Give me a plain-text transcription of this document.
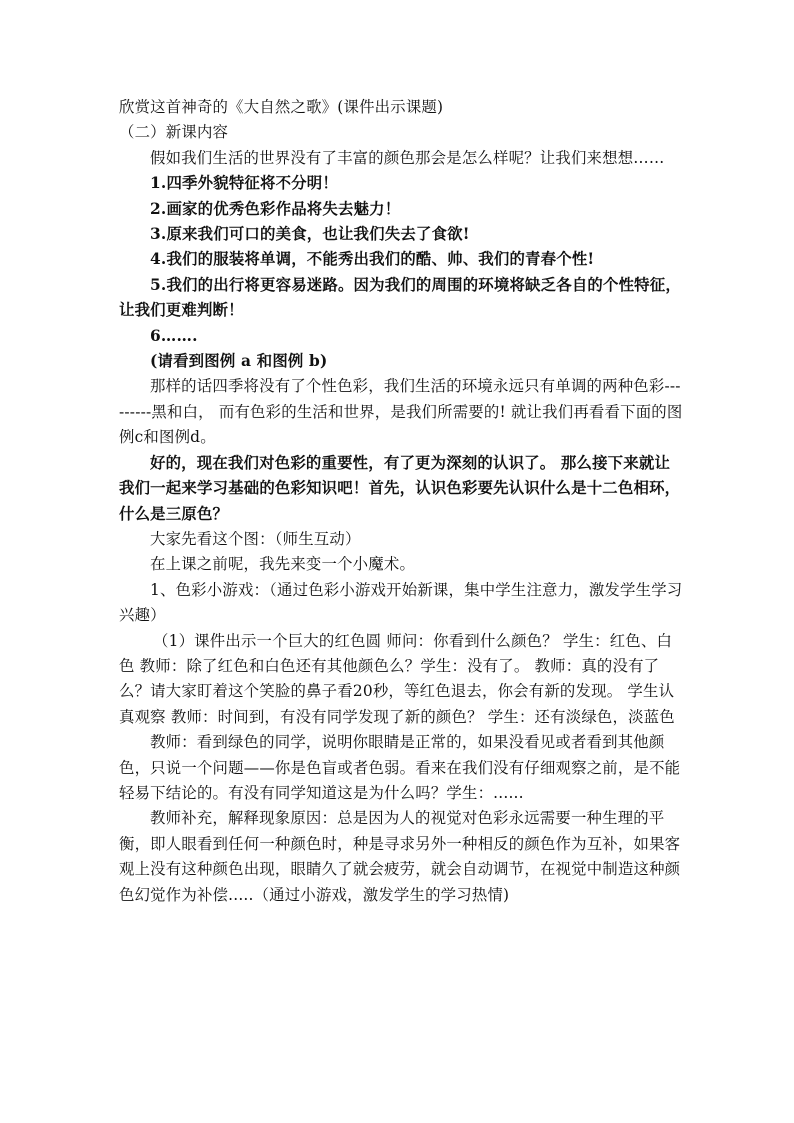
欣赏这首神奇的《大自然之歌》(课件出示课题)

（二）新课内容

假如我们生活的世界没有了丰富的颜色那会是怎么样呢？让我们来想想……

1.四季外貌特征将不分明！

2.画家的优秀色彩作品将失去魅力！

3.原来我们可口的美食，也让我们失去了食欲!

4.我们的服装将单调，不能秀出我们的酷、帅、我们的青春个性!

5.我们的出行将更容易迷路。因为我们的周围的环境将缺乏各自的个性特征，让我们更难判断！

6…….

(请看到图例 a 和图例 b)

那样的话四季将没有了个性色彩，我们生活的环境永远只有单调的两种色彩---------黑和白， 而有色彩的生活和世界，是我们所需要的! 就让我们再看看下面的图例c和图例d。

好的，现在我们对色彩的重要性，有了更为深刻的认识了。 那么接下来就让我们一起来学习基础的色彩知识吧！首先，认识色彩要先认识什么是十二色相环，什么是三原色？

大家先看这个图：（师生互动）

在上课之前呢，我先来变一个小魔术。

1、色彩小游戏：（通过色彩小游戏开始新课，集中学生注意力，激发学生学习兴趣）

（1）课件出示一个巨大的红色圆 师问：你看到什么颜色？ 学生：红色、白色 教师：除了红色和白色还有其他颜色么？学生：没有了。 教师：真的没有了么？请大家盯着这个笑脸的鼻子看20秒，等红色退去，你会有新的发现。 学生认真观察 教师：时间到，有没有同学发现了新的颜色？ 学生：还有淡绿色，淡蓝色

教师：看到绿色的同学，说明你眼睛是正常的，如果没看见或者看到其他颜色，只说一个问题——你是色盲或者色弱。看来在我们没有仔细观察之前，是不能轻易下结论的。有没有同学知道这是为什么吗？学生：......

教师补充，解释现象原因：总是因为人的视觉对色彩永远需要一种生理的平衡，即人眼看到任何一种颜色时，种是寻求另外一种相反的颜色作为互补，如果客观上没有这种颜色出现，眼睛久了就会疲劳，就会自动调节，在视觉中制造这种颜色幻觉作为补偿.....（通过小游戏，激发学生的学习热情)
